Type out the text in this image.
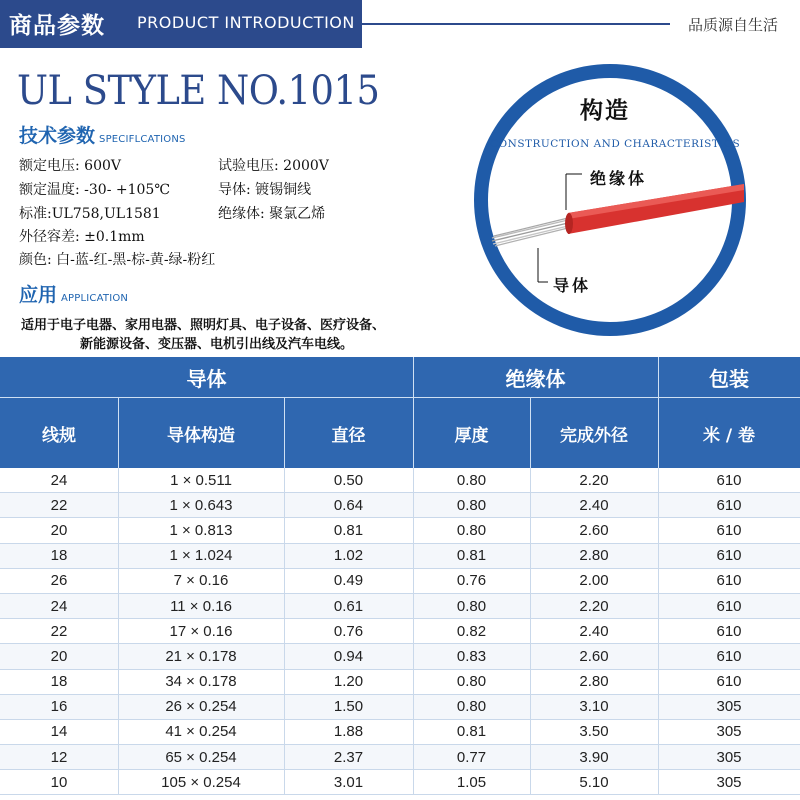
商品参数 PRODUCT INTRODUCTION	品质源自生活
UL STYLE NO.1015
技术参数 SPECIFLCATIONS
额定电压: 600V	试验电压: 2000V
额定温度: -30- +105℃	导体: 镀锡铜线
标准:UL758,UL1581	绝缘体: 聚氯乙烯
外径容差: ±0.1mm
颜色: 白-蓝-红-黑-棕-黄-绿-粉红
应用 APPLICATION
适用于电子电器、家用电器、照明灯具、电子设备、医疗设备、
新能源设备、变压器、电机引出线及汽车电线。
构造
CONSTRUCTION AND CHARACTERISTICS
绝缘体
导体
导体	绝缘体	包装
线规	导体构造	直径	厚度	完成外径	米 / 卷
24	1 × 0.511	0.50	0.80	2.20	610
22	1 × 0.643	0.64	0.80	2.40	610
20	1 × 0.813	0.81	0.80	2.60	610
18	1 × 1.024	1.02	0.81	2.80	610
26	7 × 0.16	0.49	0.76	2.00	610
24	11 × 0.16	0.61	0.80	2.20	610
22	17 × 0.16	0.76	0.82	2.40	610
20	21 × 0.178	0.94	0.83	2.60	610
18	34 × 0.178	1.20	0.80	2.80	610
16	26 × 0.254	1.50	0.80	3.10	305
14	41 × 0.254	1.88	0.81	3.50	305
12	65 × 0.254	2.37	0.77	3.90	305
10	105 × 0.254	3.01	1.05	5.10	305
